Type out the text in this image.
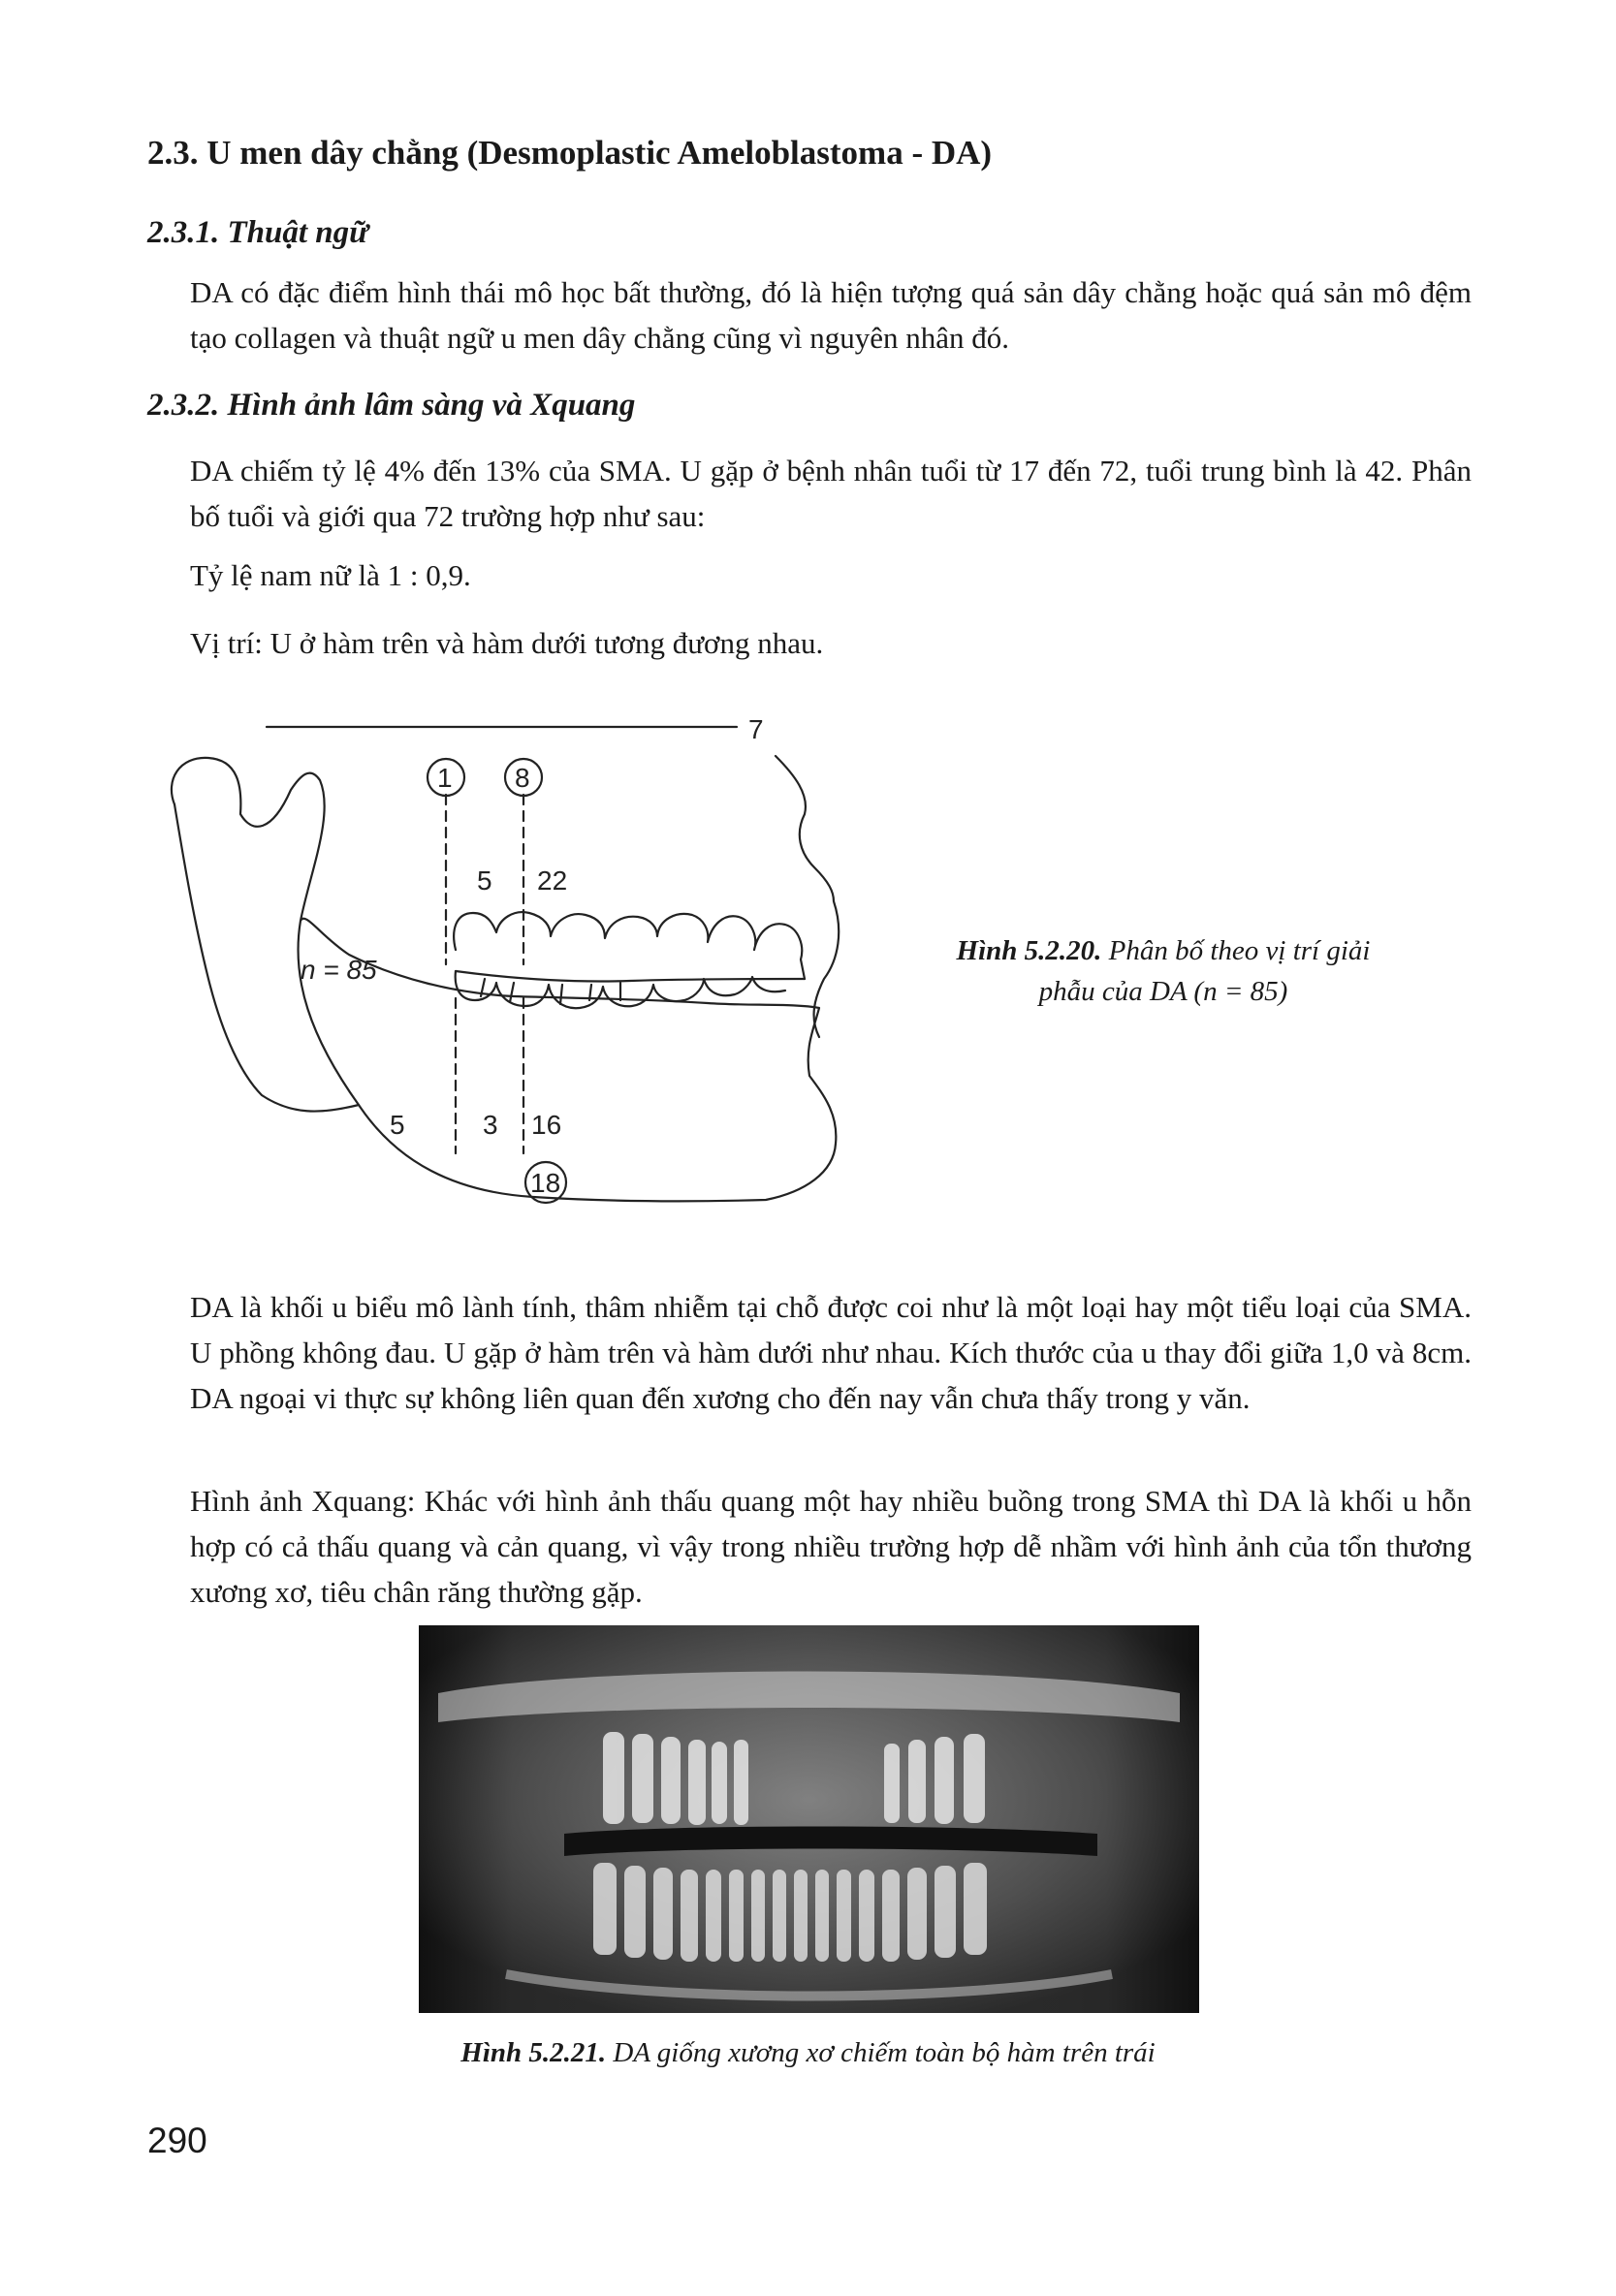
2.3. U men dây chằng (Desmoplastic Ameloblastoma - DA)
2.3.1. Thuật ngữ

DA có đặc điểm hình thái mô học bất thường, đó là hiện tượng quá sản dây chằng hoặc quá sản mô đệm tạo collagen và thuật ngữ u men dây chằng cũng vì nguyên nhân đó.

2.3.2. Hình ảnh lâm sàng và Xquang

DA chiếm tỷ lệ 4% đến 13% của SMA. U gặp ở bệnh nhân tuổi từ 17 đến 72, tuổi trung bình là 42. Phân bố tuổi và giới qua 72 trường hợp như sau:

Tỷ lệ nam nữ là 1 : 0,9.

Vị trí: U ở hàm trên và hàm dưới tương đương nhau.

7
1 8
5 22
n = 85
5	3 16
18
Hình 5.2.20. Phân bố theo vị trí giải phẫu của DA (n = 85)

DA là khối u biểu mô lành tính, thâm nhiễm tại chỗ được coi như là một loại hay một tiểu loại của SMA. U phồng không đau. U gặp ở hàm trên và hàm dưới như nhau. Kích thước của u thay đổi giữa 1,0 và 8cm. DA ngoại vi thực sự không liên quan đến xương cho đến nay vẫn chưa thấy trong y văn.

Hình ảnh Xquang: Khác với hình ảnh thấu quang một hay nhiều buồng trong SMA thì DA là khối u hỗn hợp có cả thấu quang và cản quang, vì vậy trong nhiều trường hợp dễ nhầm với hình ảnh của tổn thương xương xơ, tiêu chân răng thường gặp.

Hình 5.2.21. DA giống xương xơ chiếm toàn bộ hàm trên trái
290
